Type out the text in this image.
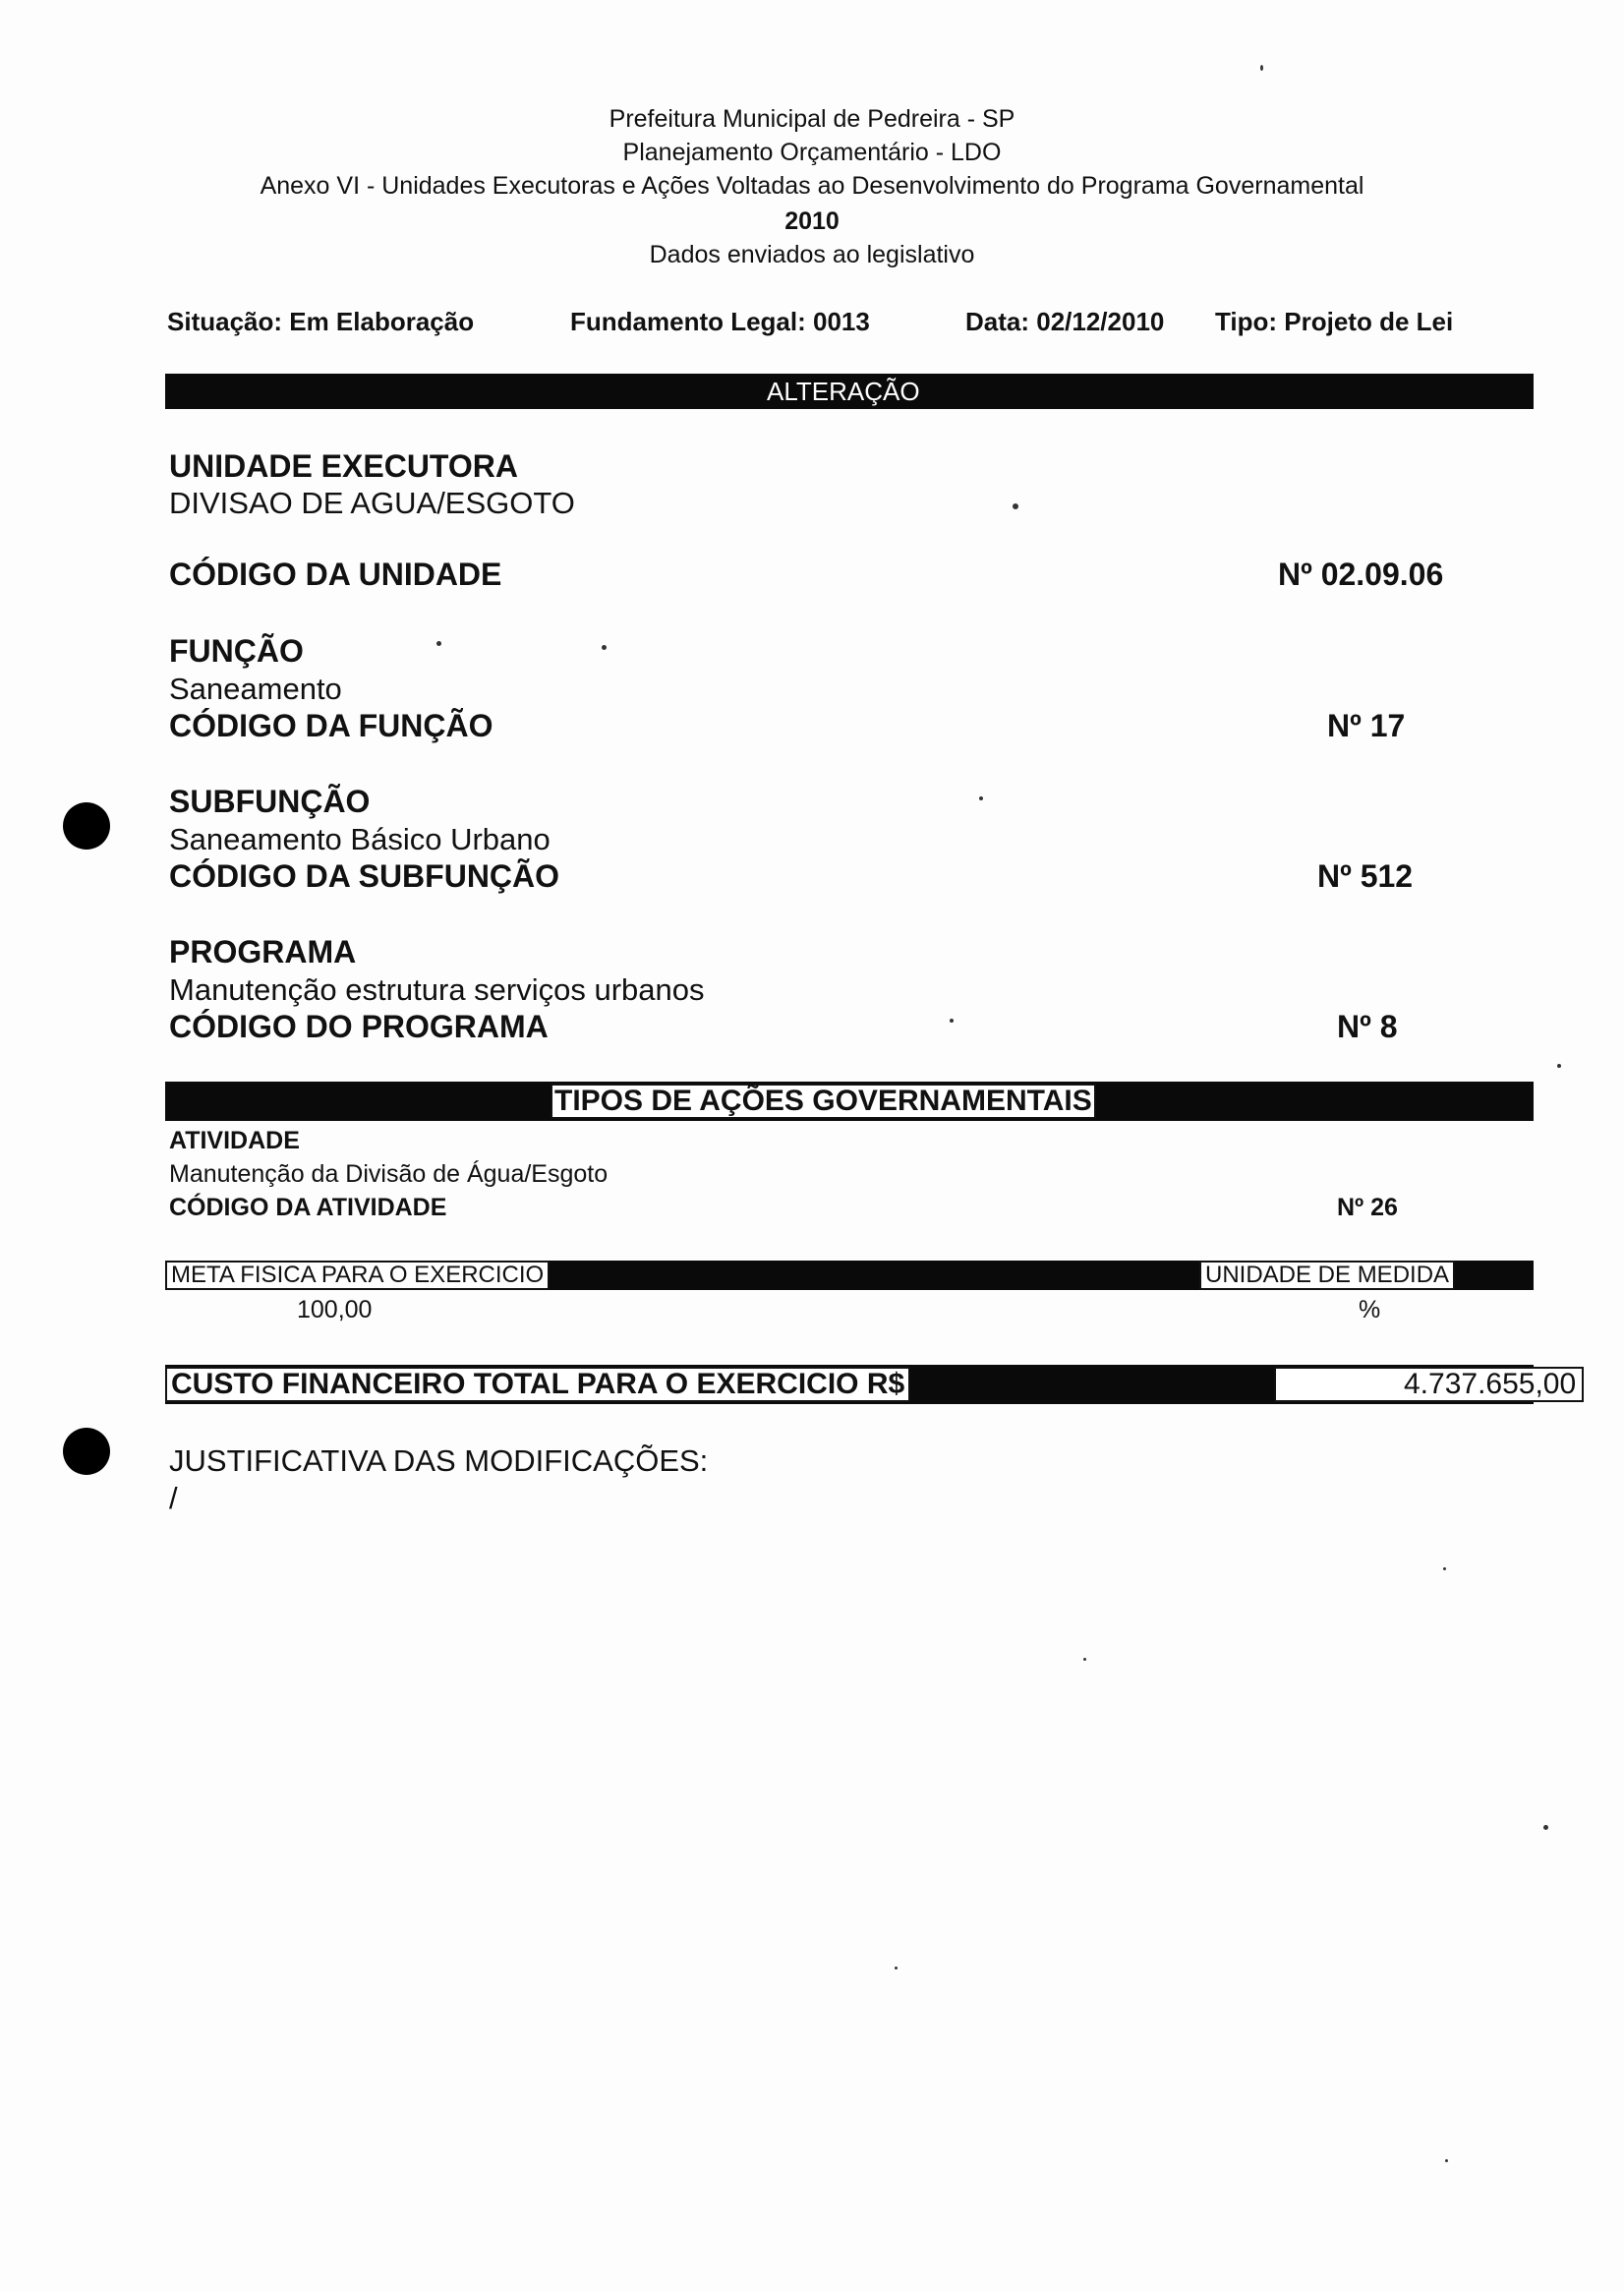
Prefeitura Municipal de Pedreira - SP
Planejamento Orçamentário - LDO
Anexo VI - Unidades Executoras e Ações Voltadas ao Desenvolvimento do Programa Governamental
2010
Dados enviados ao legislativo
Situação: Em Elaboração	Fundamento Legal: 0013	Data: 02/12/2010 Tipo: Projeto de Lei
ALTERAÇÃO
UNIDADE EXECUTORA
DIVISAO DE AGUA/ESGOTO
CÓDIGO DA UNIDADE	Nº 02.09.06
FUNÇÃO
Saneamento
CÓDIGO DA FUNÇÃO	Nº 17
SUBFUNÇÃO
Saneamento Básico Urbano
CÓDIGO DA SUBFUNÇÃO	Nº 512
PROGRAMA
Manutenção estrutura serviços urbanos
CÓDIGO DO PROGRAMA	Nº 8
TIPOS DE AÇÕES GOVERNAMENTAIS
ATIVIDADE
Manutenção da Divisão de Água/Esgoto
CÓDIGO DA ATIVIDADE	Nº 26
META FISICA PARA O EXERCICIO	UNIDADE DE MEDIDA
100,00	%
CUSTO FINANCEIRO TOTAL PARA O EXERCICIO R$	4.737.655,00
JUSTIFICATIVA DAS MODIFICAÇÕES:
/
